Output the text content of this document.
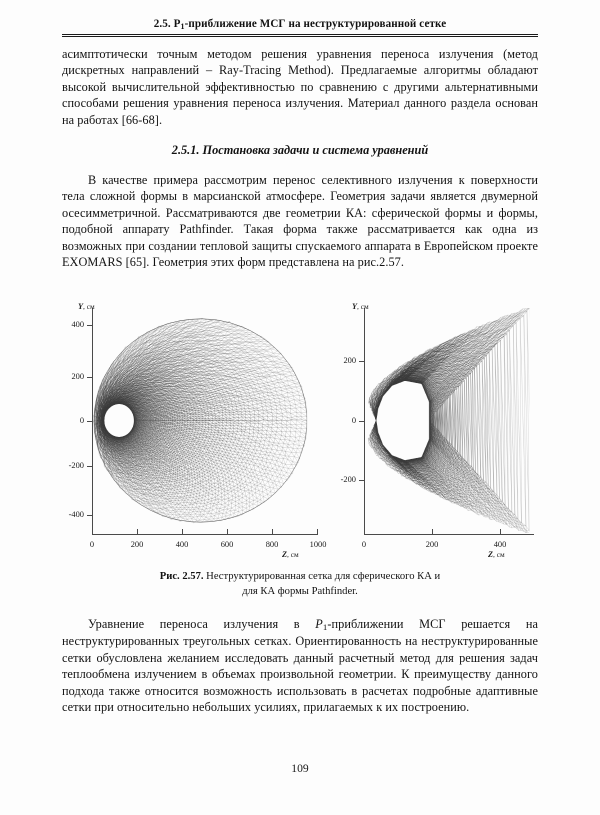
2.5. $P_1$-приближение МСГ на неструктурированной сетке

асимптотически точным методом решения уравнения переноса излучения (метод дискретных направлений – Ray-Tracing Method). Предлагаемые алгоритмы обладают высокой вычислительной эффективностью по сравнению с другими альтернативными способами решения уравнения переноса излучения. Материал данного раздела основан на работах [66-68].

2.5.1. Постановка задачи и система уравнений

В качестве примера рассмотрим перенос селективного излучения к поверхности тела сложной формы в марсианской атмосфере. Геометрия задачи является двумерной осесимметричной. Рассматриваются две геометрии КА: сферической формы и формы, подобной аппарату Pathfinder. Такая форма также рассматривается как одна из возможных при создании тепловой защиты спускаемого аппарата в Европейском проекте EXOMARS [65]. Геометрия этих форм представлена на рис.2.57.

400
200
0
-200
-400
0	200	400	600	800	1000
Y, см
Z, см
200
0
-200
0	200	400
Y, см
Z, см
Рис. 2.57. Неструктурированная сетка для сферического КА и
для КА формы Pathfinder.

Уравнение переноса излучения в $P_1$-приближении МСГ решается на неструктурированных треугольных сетках. Ориентированность на неструктурированные сетки обусловлена желанием исследовать данный расчетный метод для решения задач теплообмена излучением в объемах произвольной геометрии. К преимуществу данного подхода также относится возможность использовать в расчетах подробные адаптивные сетки при относительно небольших усилиях, прилагаемых к их построению.

109
